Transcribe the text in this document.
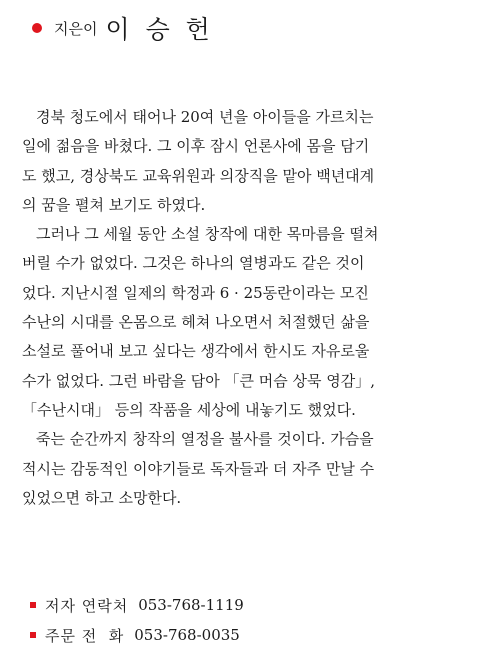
지은이 이 승 헌
경북 청도에서 태어나 20여 년을 아이들을 가르치는
일에 젊음을 바쳤다. 그 이후 잠시 언론사에 몸을 담기
도 했고, 경상북도 교육위원과 의장직을 맡아 백년대계
의 꿈을 펼쳐 보기도 하였다.
그러나 그 세월 동안 소설 창작에 대한 목마름을 떨쳐
버릴 수가 없었다. 그것은 하나의 열병과도 같은 것이
었다. 지난시절 일제의 학정과 6 · 25동란이라는 모진
수난의 시대를 온몸으로 헤쳐 나오면서 처절했던 삶을
소설로 풀어내 보고 싶다는 생각에서 한시도 자유로울
수가 없었다. 그런 바람을 담아 「큰 머슴 상묵 영감」,
「수난시대」 등의 작품을 세상에 내놓기도 했었다.
죽는 순간까지 창작의 열정을 불사를 것이다. 가슴을
적시는 감동적인 이야기들로 독자들과 더 자주 만날 수
있었으면 하고 소망한다.
저자 연락처 053-768-1119
주문 전  화 053-768-0035
